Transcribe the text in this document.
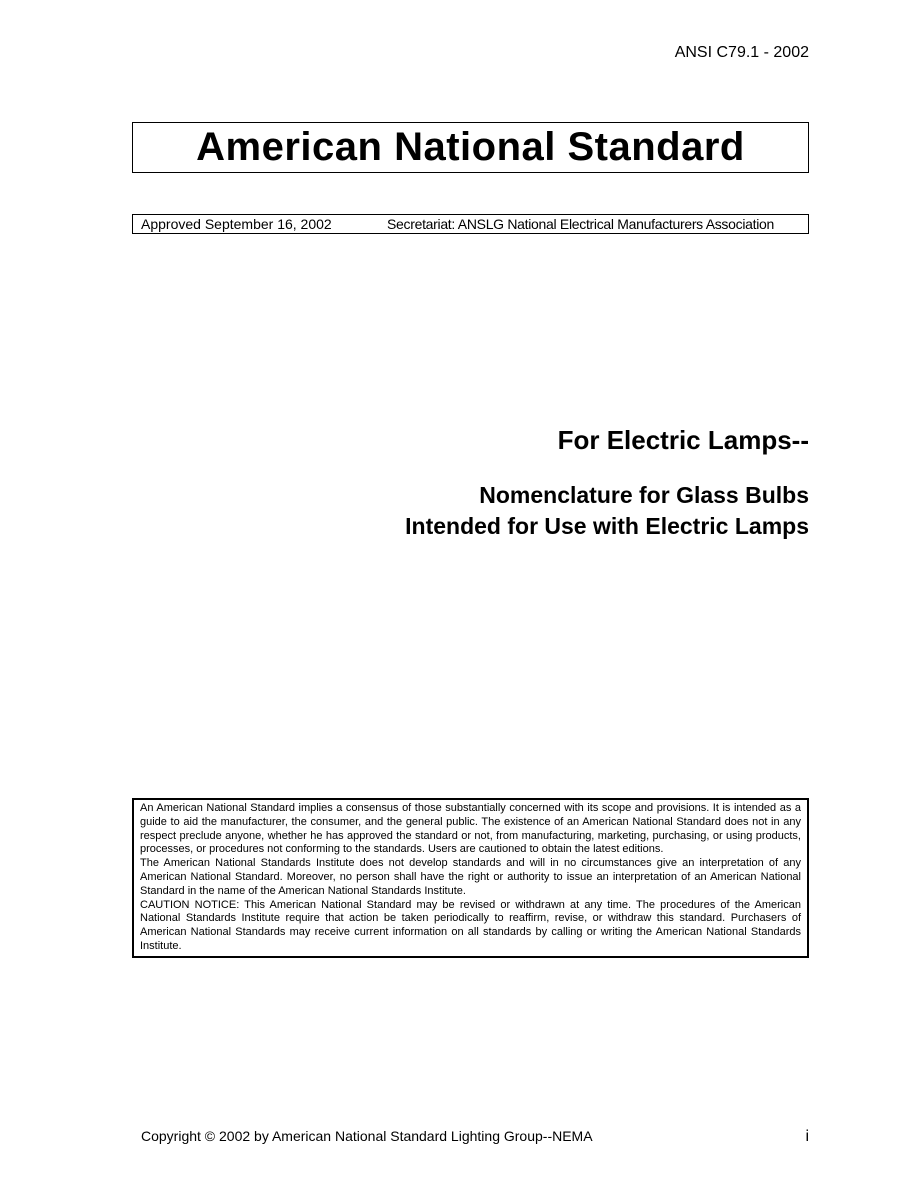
ANSI C79.1 - 2002
American National Standard
Approved September 16, 2002	Secretariat: ANSLG National Electrical Manufacturers Association
For Electric Lamps--
Nomenclature for Glass Bulbs
Intended for Use with Electric Lamps

An American National Standard implies a consensus of those substantially concerned with its scope and provisions. It is intended as a guide to aid the manufacturer, the consumer, and the general public. The existence of an American National Standard does not in any respect preclude anyone, whether he has approved the standard or not, from manufacturing, marketing, purchasing, or using products, processes, or procedures not conforming to the standards. Users are cautioned to obtain the latest editions.

The American National Standards Institute does not develop standards and will in no circumstances give an interpretation of any American National Standard. Moreover, no person shall have the right or authority to issue an interpretation of an American National Standard in the name of the American National Standards Institute.

CAUTION NOTICE: This American National Standard may be revised or withdrawn at any time. The procedures of the American National Standards Institute require that action be taken periodically to reaffirm, revise, or withdraw this standard. Purchasers of American National Standards may receive current information on all standards by calling or writing the American National Standards Institute.

Copyright © 2002 by American National Standard Lighting Group--NEMA	i
